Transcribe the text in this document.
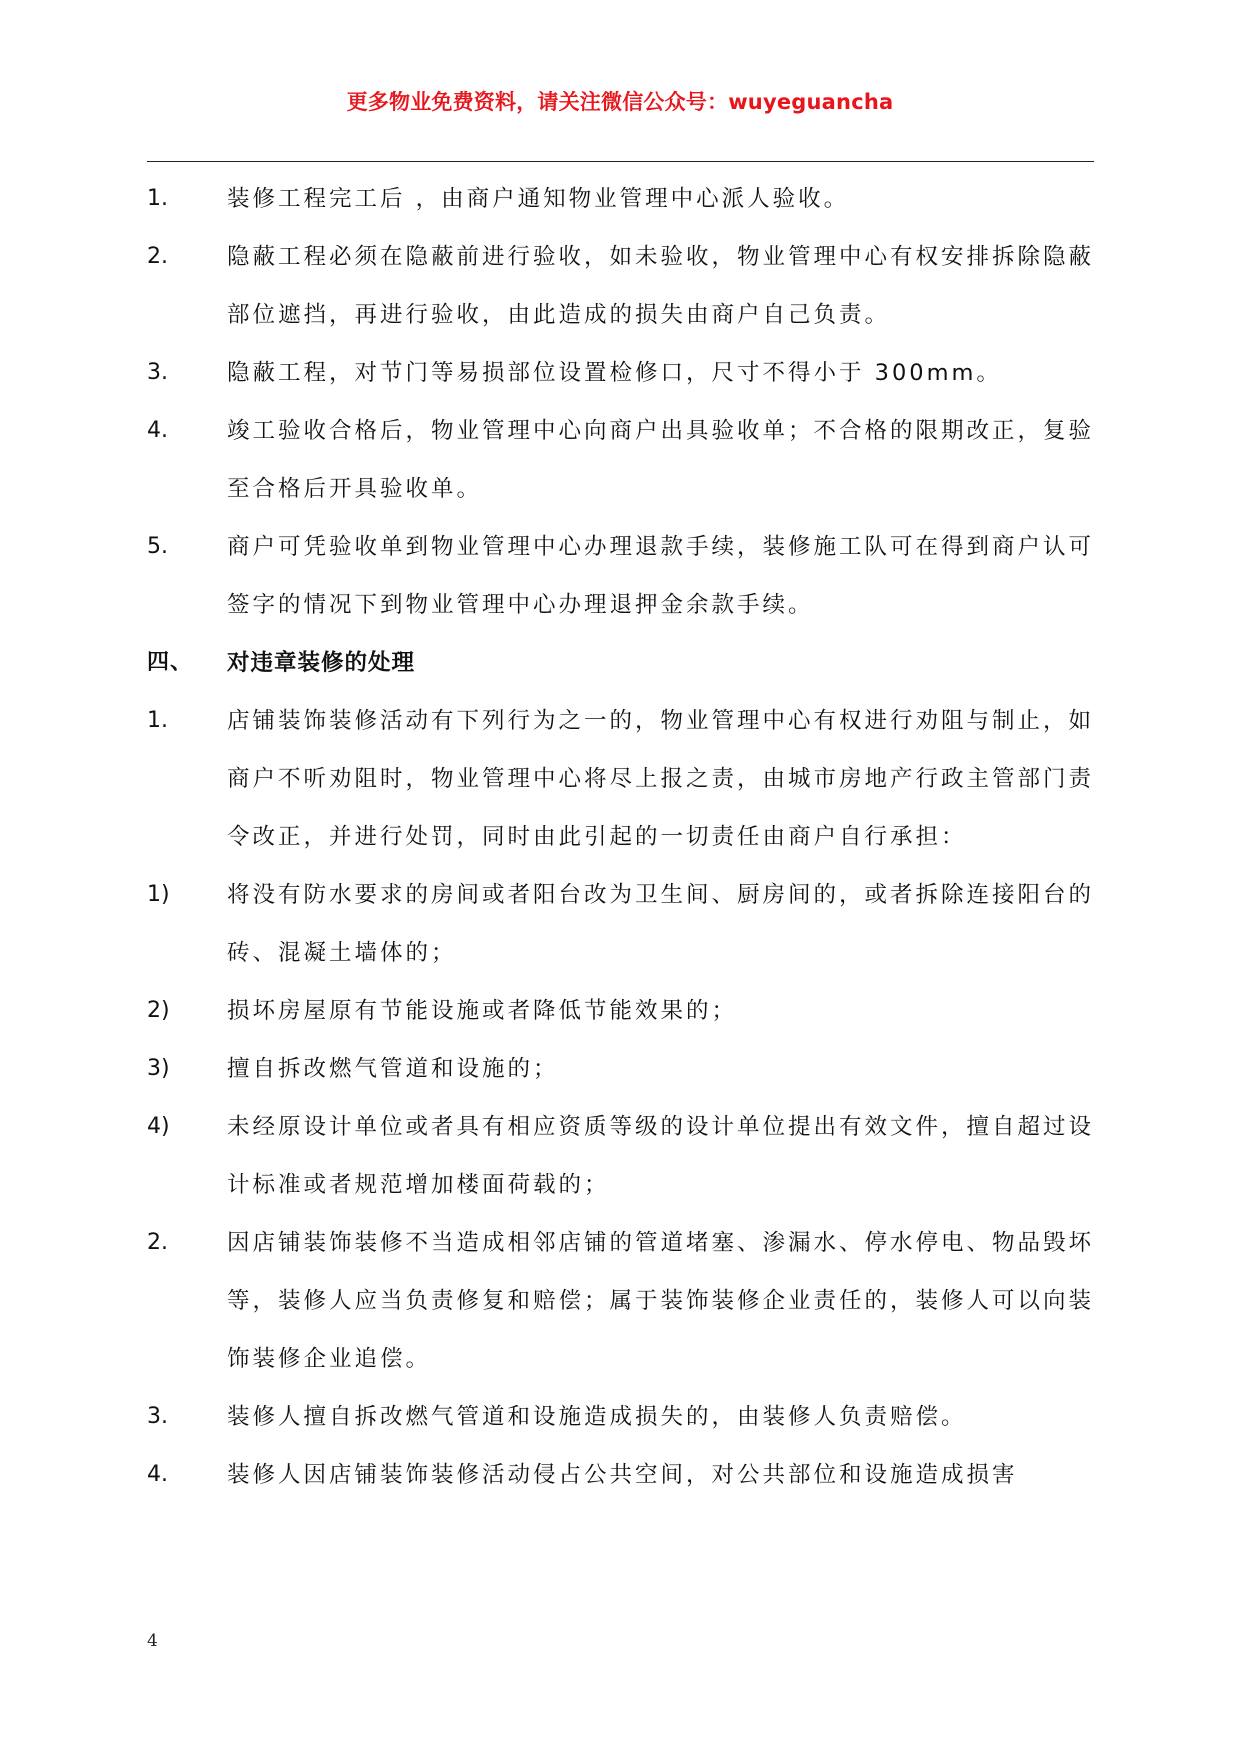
更多物业免费资料，请关注微信公众号：wuyeguancha
1.	装修工程完工后 ，由商户通知物业管理中心派人验收。
2.	隐蔽工程必须在隐蔽前进行验收，如未验收，物业管理中心有权安排拆除隐蔽部位遮挡，再进行验收，由此造成的损失由商户自己负责。
3.	隐蔽工程，对节门等易损部位设置检修口，尺寸不得小于 300mm。
4.	竣工验收合格后，物业管理中心向商户出具验收单；不合格的限期改正，复验至合格后开具验收单。
5.	商户可凭验收单到物业管理中心办理退款手续，装修施工队可在得到商户认可签字的情况下到物业管理中心办理退押金余款手续。
四、	对违章装修的处理
1.	店铺装饰装修活动有下列行为之一的，物业管理中心有权进行劝阻与制止，如商户不听劝阻时，物业管理中心将尽上报之责，由城市房地产行政主管部门责令改正，并进行处罚，同时由此引起的一切责任由商户自行承担：
1)	将没有防水要求的房间或者阳台改为卫生间、厨房间的，或者拆除连接阳台的砖、混凝土墙体的；
2)	损坏房屋原有节能设施或者降低节能效果的；
3)	擅自拆改燃气管道和设施的；
4)	未经原设计单位或者具有相应资质等级的设计单位提出有效文件，擅自超过设计标准或者规范增加楼面荷载的；
2.	因店铺装饰装修不当造成相邻店铺的管道堵塞、渗漏水、停水停电、物品毁坏等，装修人应当负责修复和赔偿；属于装饰装修企业责任的，装修人可以向装饰装修企业追偿。
3.	装修人擅自拆改燃气管道和设施造成损失的，由装修人负责赔偿。
4.	装修人因店铺装饰装修活动侵占公共空间，对公共部位和设施造成损害
4
